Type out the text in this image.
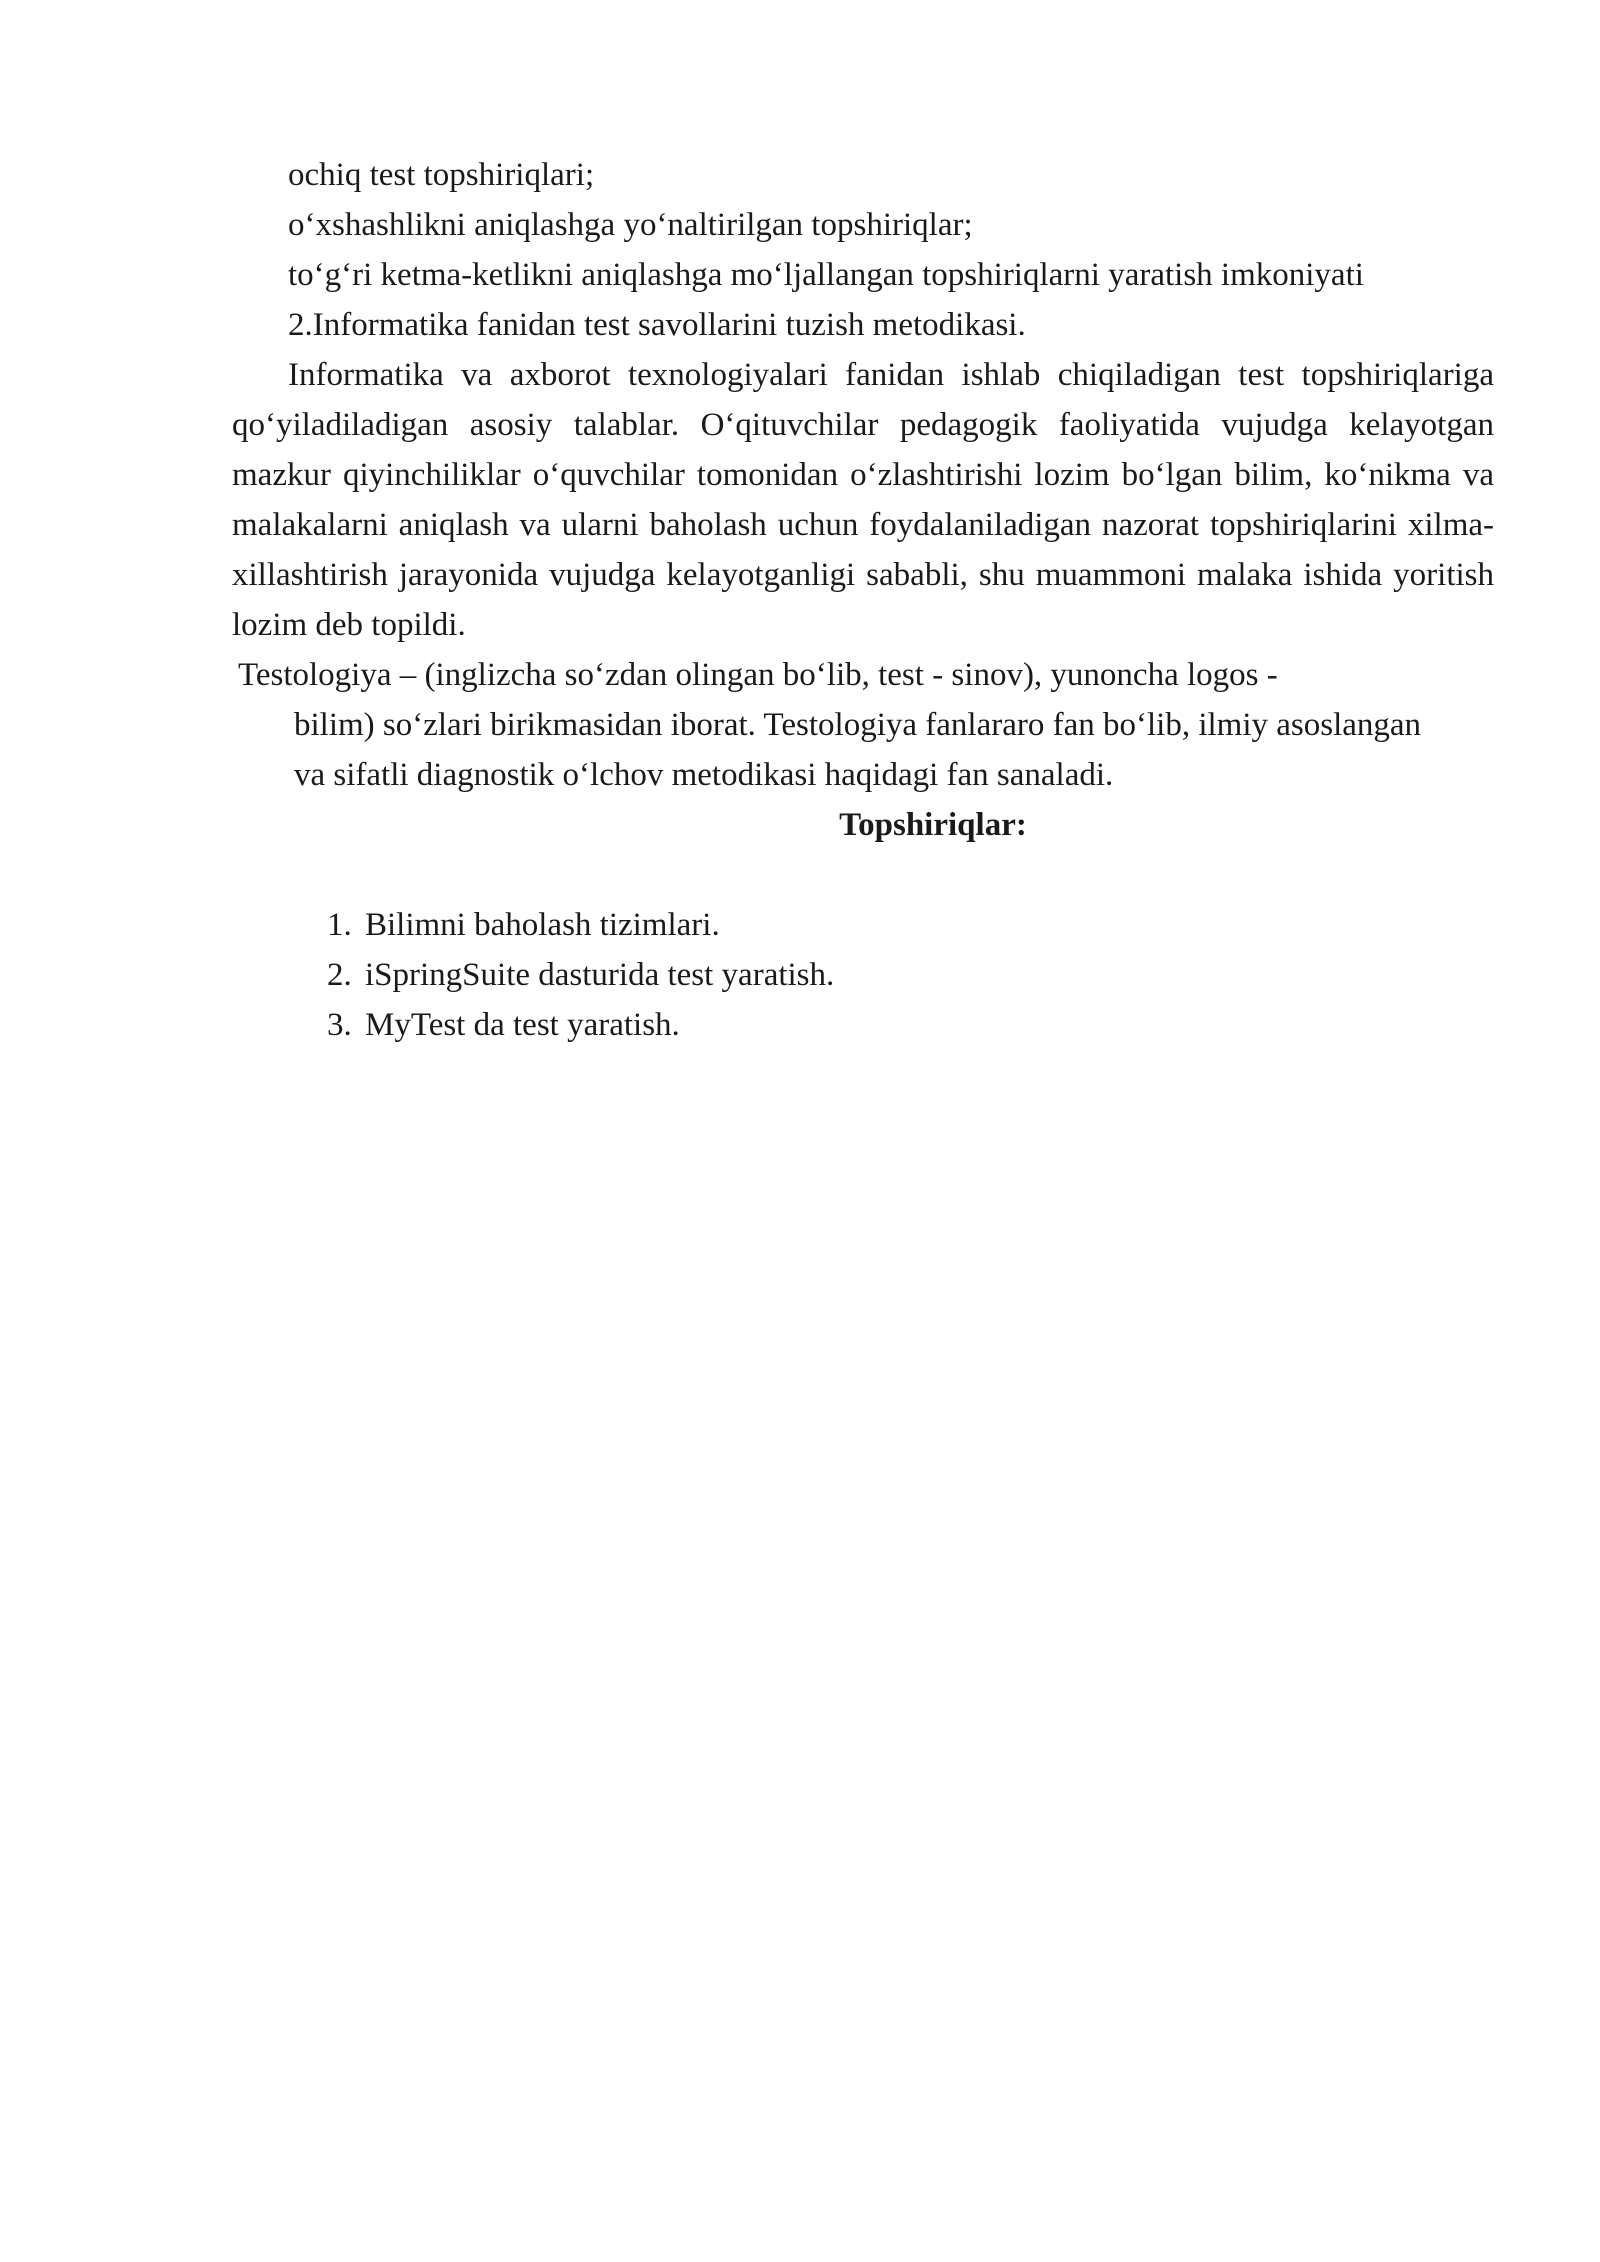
ochiq test topshiriqlari;

o‘xshashlikni aniqlashga yo‘naltirilgan topshiriqlar;

to‘g‘ri ketma-ketlikni aniqlashga mo‘ljallangan topshiriqlarni yaratish imkoniyati

2.Informatika fanidan test savollarini tuzish metodikasi.

Informatika va axborot texnologiyalari fanidan ishlab chiqiladigan test topshiriqlariga qo‘yiladiladigan asosiy talablar. O‘qituvchilar pedagogik faoliyatida vujudga kelayotgan mazkur qiyinchiliklar o‘quvchilar tomonidan o‘zlashtirishi lozim bo‘lgan bilim, ko‘nikma va malakalarni aniqlash va ularni baholash uchun foydalaniladigan nazorat topshiriqlarini xilma-xillashtirish jarayonida vujudga kelayotganligi sababli, shu muammoni malaka ishida yoritish lozim deb topildi.

Testologiya – (inglizcha so‘zdan olingan bo‘lib, test - sinov), yunoncha logos -

bilim) so‘zlari birikmasidan iborat. Testologiya fanlararo fan bo‘lib, ilmiy asoslangan va sifatli diagnostik o‘lchov metodikasi haqidagi fan sanaladi.

Topshiriqlar:

1. Bilimni baholash tizimlari.
2. iSpringSuite dasturida test yaratish.
3. MyTest da test yaratish.
